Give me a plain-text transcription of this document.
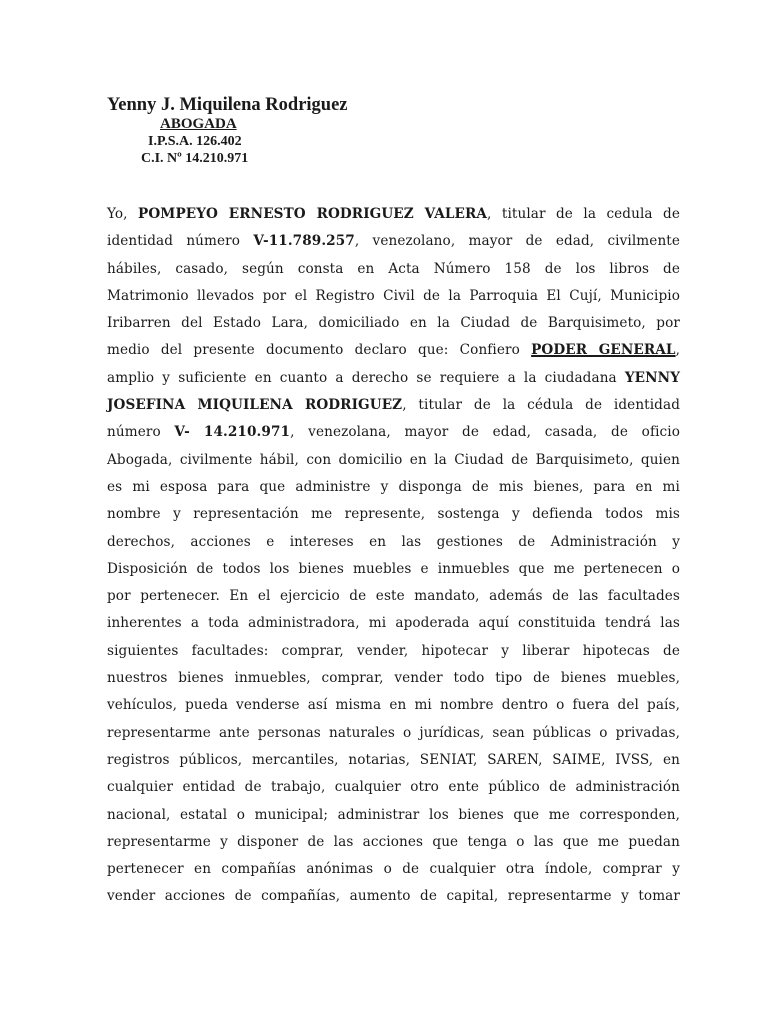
Yenny J. Miquilena Rodriguez
ABOGADA
I.P.S.A. 126.402
C.I. Nº 14.210.971
Yo, POMPEYO ERNESTO RODRIGUEZ VALERA, titular de la cedula de
identidad número V-11.789.257, venezolano, mayor de edad, civilmente
hábiles, casado, según consta en Acta Número 158 de los libros de
Matrimonio llevados por el Registro Civil de la Parroquia El Cují, Municipio
Iribarren del Estado Lara, domiciliado en la Ciudad de Barquisimeto, por
medio del presente documento declaro que: Confiero PODER GENERAL,
amplio y suficiente en cuanto a derecho se requiere a la ciudadana YENNY
JOSEFINA MIQUILENA RODRIGUEZ, titular de la cédula de identidad
número V- 14.210.971, venezolana, mayor de edad, casada, de oficio
Abogada, civilmente hábil, con domicilio en la Ciudad de Barquisimeto, quien
es mi esposa para que administre y disponga de mis bienes, para en mi
nombre y representación me represente, sostenga y defienda todos mis
derechos, acciones e intereses en las gestiones de Administración y
Disposición de todos los bienes muebles e inmuebles que me pertenecen o
por pertenecer. En el ejercicio de este mandato, además de las facultades
inherentes a toda administradora, mi apoderada aquí constituida tendrá las
siguientes facultades: comprar, vender, hipotecar y liberar hipotecas de
nuestros bienes inmuebles, comprar, vender todo tipo de bienes muebles,
vehículos, pueda venderse así misma en mi nombre dentro o fuera del país,
representarme ante personas naturales o jurídicas, sean públicas o privadas,
registros públicos, mercantiles, notarias, SENIAT, SAREN, SAIME, IVSS, en
cualquier entidad de trabajo, cualquier otro ente público de administración
nacional, estatal o municipal; administrar los bienes que me corresponden,
representarme y disponer de las acciones que tenga o las que me puedan
pertenecer en compañías anónimas o de cualquier otra índole, comprar y
vender acciones de compañías, aumento de capital, representarme y tomar
